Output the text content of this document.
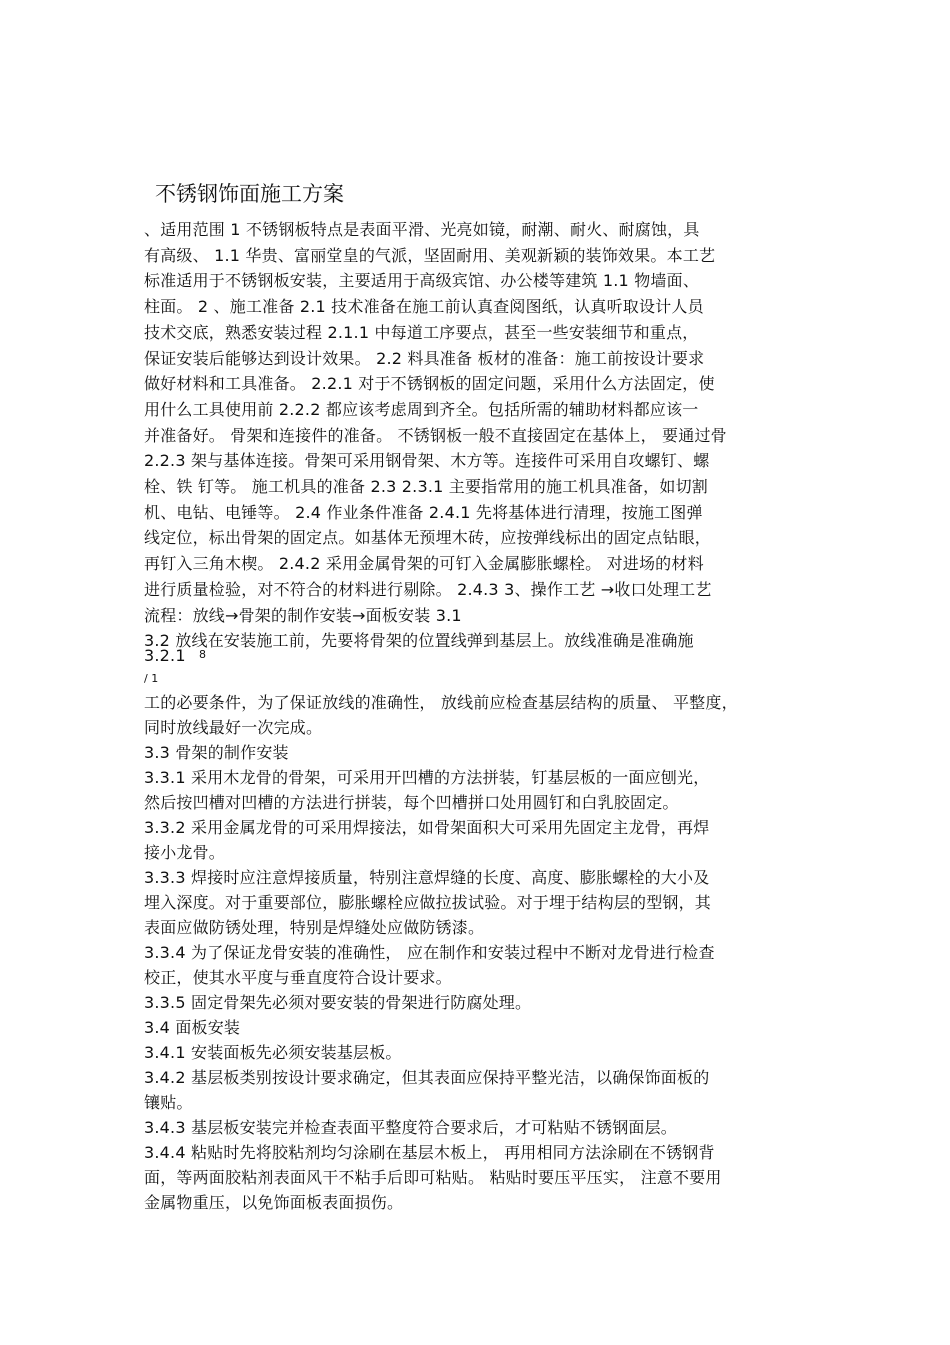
不锈钢饰面施工方案
、适用范围 1 不锈钢板特点是表面平滑、光亮如镜，耐潮、耐火、耐腐蚀，具
有高级、 1.1 华贵、富丽堂皇的气派，坚固耐用、美观新颖的装饰效果。本工艺
标准适用于不锈钢板安装，主要适用于高级宾馆、办公楼等建筑 1.1 物墙面、
柱面。 2 、施工准备 2.1 技术准备在施工前认真查阅图纸，认真听取设计人员
技术交底，熟悉安装过程 2.1.1 中每道工序要点，甚至一些安装细节和重点，
保证安装后能够达到设计效果。 2.2 料具准备 板材的准备：施工前按设计要求
做好材料和工具准备。 2.2.1 对于不锈钢板的固定问题，采用什么方法固定，使
用什么工具使用前 2.2.2 都应该考虑周到齐全。包括所需的辅助材料都应该一
并准备好。 骨架和连接件的准备。 不锈钢板一般不直接固定在基体上， 要通过骨
2.2.3 架与基体连接。骨架可采用钢骨架、木方等。连接件可采用自攻螺钉、螺
栓、铁 钉等。 施工机具的准备 2.3 2.3.1 主要指常用的施工机具准备，如切割
机、电钻、电锤等。 2.4 作业条件准备 2.4.1 先将基体进行清理，按施工图弹
线定位，标出骨架的固定点。如基体无预埋木砖，应按弹线标出的固定点钻眼，
再钉入三角木楔。 2.4.2 采用金属骨架的可钉入金属膨胀螺栓。 对进场的材料
进行质量检验，对不符合的材料进行剔除。 2.4.3 3、操作工艺 →收口处理工艺
流程：放线→骨架的制作安装→面板安装 3.1
3.2 放线在安装施工前，先要将骨架的位置线弹到基层上。放线准确是准确施
3.2.1 8
/ 1
工的必要条件，为了保证放线的准确性， 放线前应检查基层结构的质量、 平整度，
同时放线最好一次完成。
3.3 骨架的制作安装
3.3.1 采用木龙骨的骨架，可采用开凹槽的方法拼装，钉基层板的一面应刨光，
然后按凹槽对凹槽的方法进行拼装，每个凹槽拼口处用圆钉和白乳胶固定。
3.3.2 采用金属龙骨的可采用焊接法，如骨架面积大可采用先固定主龙骨，再焊
接小龙骨。
3.3.3 焊接时应注意焊接质量，特别注意焊缝的长度、高度、膨胀螺栓的大小及
埋入深度。对于重要部位，膨胀螺栓应做拉拔试验。对于埋于结构层的型钢，其
表面应做防锈处理，特别是焊缝处应做防锈漆。
3.3.4 为了保证龙骨安装的准确性， 应在制作和安装过程中不断对龙骨进行检查
校正，使其水平度与垂直度符合设计要求。
3.3.5 固定骨架先必须对要安装的骨架进行防腐处理。
3.4 面板安装
3.4.1 安装面板先必须安装基层板。
3.4.2 基层板类别按设计要求确定，但其表面应保持平整光洁，以确保饰面板的
镶贴。
3.4.3 基层板安装完并检查表面平整度符合要求后，才可粘贴不锈钢面层。
3.4.4 粘贴时先将胶粘剂均匀涂刷在基层木板上， 再用相同方法涂刷在不锈钢背
面，等两面胶粘剂表面风干不粘手后即可粘贴。 粘贴时要压平压实， 注意不要用
金属物重压，以免饰面板表面损伤。
